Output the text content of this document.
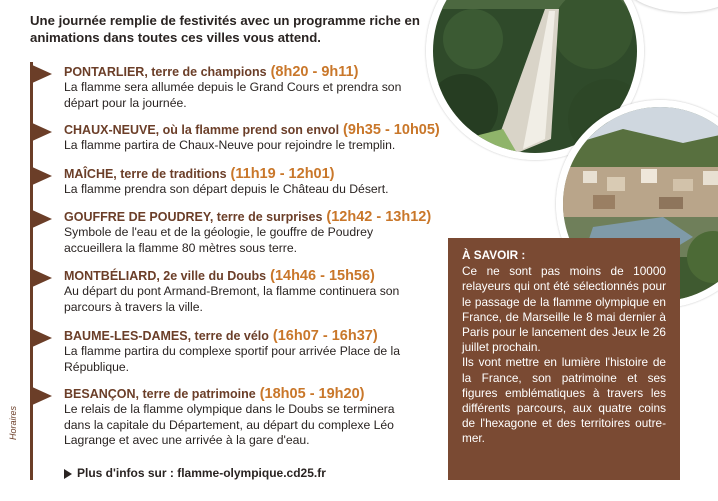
Une journée remplie de festivités avec un programme riche en animations dans toutes ces villes vous attend.
Horaires
PONTARLIER, terre de champions (8h20 - 9h11)
La flamme sera allumée depuis le Grand Cours et prendra son départ pour la journée.
CHAUX-NEUVE, où la flamme prend son envol (9h35 - 10h05)
La flamme partira de Chaux-Neuve pour rejoindre le tremplin.
MAÎCHE, terre de traditions (11h19 - 12h01)
La flamme prendra son départ depuis le Château du Désert.
GOUFFRE DE POUDREY, terre de surprises (12h42 - 13h12)
Symbole de l'eau et de la géologie, le gouffre de Poudrey accueillera la flamme 80 mètres sous terre.
MONTBÉLIARD, 2e ville du Doubs (14h46 - 15h56)
Au départ du pont Armand-Bremont, la flamme continuera son parcours à travers la ville.
BAUME-LES-DAMES, terre de vélo (16h07 - 16h37)
La flamme partira du complexe sportif pour arrivée Place de la République.
BESANÇON, terre de patrimoine (18h05 - 19h20)
Le relais de la flamme olympique dans le Doubs se terminera dans la capitale du Département, au départ du complexe Léo Lagrange et avec une arrivée à la gare d'eau.
Plus d'infos sur : flamme-olympique.cd25.fr
À SAVOIR :

Ce ne sont pas moins de 10000 relayeurs qui ont été sélectionnés pour le passage de la flamme olympique en France, de Marseille le 8 mai dernier à Paris pour le lancement des Jeux le 26 juillet prochain.

Ils vont mettre en lumière l'histoire de la France, son patrimoine et ses figures emblématiques à travers les différents parcours, aux quatre coins de l'hexagone et des territoires outre-mer.
